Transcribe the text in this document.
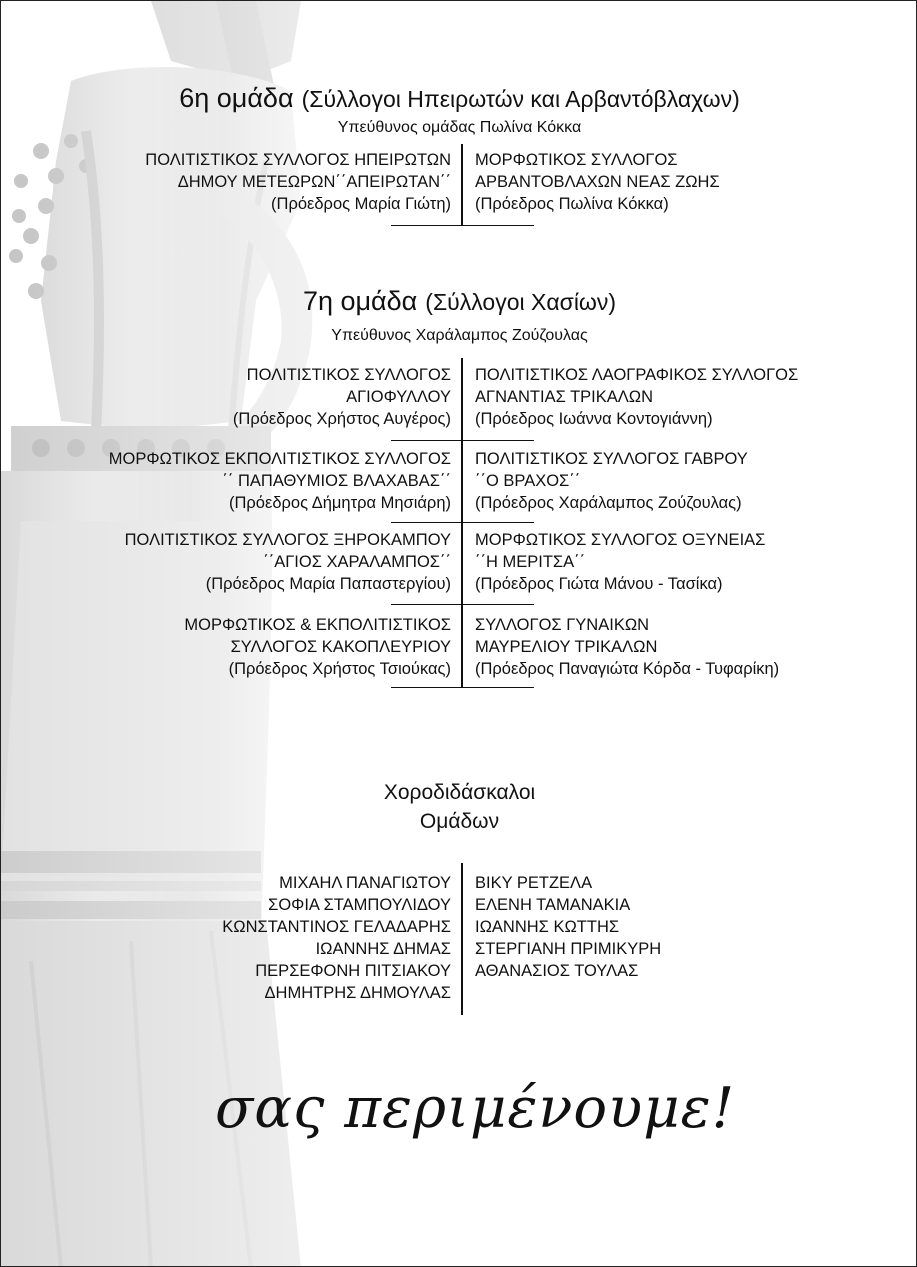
6η ομάδα (Σύλλογοι Ηπειρωτών και Αρβαντόβλαχων)
Υπεύθυνος ομάδας Πωλίνα Κόκκα
ΠΟΛΙΤΙΣΤΙΚΟΣ ΣΥΛΛΟΓΟΣ ΗΠΕΙΡΩΤΩΝ
ΔΗΜΟΥ ΜΕΤΕΩΡΩΝ΄΄ΑΠΕΙΡΩΤΑΝ΄΄
(Πρόεδρος Μαρία Γιώτη)
ΜΟΡΦΩΤΙΚΟΣ ΣΥΛΛΟΓΟΣ
ΑΡΒΑΝΤΟΒΛΑΧΩΝ ΝΕΑΣ ΖΩΗΣ
(Πρόεδρος Πωλίνα Κόκκα)
7η ομάδα (Σύλλογοι Χασίων)
Υπεύθυνος Χαράλαμπος Ζούζουλας
ΠΟΛΙΤΙΣΤΙΚΟΣ ΣΥΛΛΟΓΟΣ
ΑΓΙΟΦΥΛΛΟΥ
(Πρόεδρος Χρήστος Αυγέρος)
ΠΟΛΙΤΙΣΤΙΚΟΣ ΛΑΟΓΡΑΦΙΚΟΣ ΣΥΛΛΟΓΟΣ
ΑΓΝΑΝΤΙΑΣ ΤΡΙΚΑΛΩΝ
(Πρόεδρος Ιωάννα Κοντογιάννη)
ΜΟΡΦΩΤΙΚΟΣ ΕΚΠΟΛΙΤΙΣΤΙΚΟΣ ΣΥΛΛΟΓΟΣ
΄΄ ΠΑΠΑΘΥΜΙΟΣ ΒΛΑΧΑΒΑΣ΄΄
(Πρόεδρος Δήμητρα Μησιάρη)
ΠΟΛΙΤΙΣΤΙΚΟΣ ΣΥΛΛΟΓΟΣ ΓΑΒΡΟΥ
΄΄Ο ΒΡΑΧΟΣ΄΄
(Πρόεδρος Χαράλαμπος Ζούζουλας)
ΠΟΛΙΤΙΣΤΙΚΟΣ ΣΥΛΛΟΓΟΣ ΞΗΡΟΚΑΜΠΟΥ
΄΄ΑΓΙΟΣ ΧΑΡΑΛΑΜΠΟΣ΄΄
(Πρόεδρος Μαρία Παπαστεργίου)
ΜΟΡΦΩΤΙΚΟΣ ΣΥΛΛΟΓΟΣ ΟΞΥΝΕΙΑΣ
΄΄Η ΜΕΡΙΤΣΑ΄΄
(Πρόεδρος Γιώτα Μάνου - Τασίκα)
ΜΟΡΦΩΤΙΚΟΣ & ΕΚΠΟΛΙΤΙΣΤΙΚΟΣ
ΣΥΛΛΟΓΟΣ ΚΑΚΟΠΛΕΥΡΙΟΥ
(Πρόεδρος Χρήστος Τσιούκας)
ΣΥΛΛΟΓΟΣ ΓΥΝΑΙΚΩΝ
ΜΑΥΡΕΛΙΟΥ ΤΡΙΚΑΛΩΝ
(Πρόεδρος Παναγιώτα Κόρδα - Τυφαρίκη)
Χοροδιδάσκαλοι
Ομάδων
ΜΙΧΑΗΛ ΠΑΝΑΓΙΩΤΟΥ
ΣΟΦΙΑ ΣΤΑΜΠΟΥΛΙΔΟΥ
ΚΩΝΣΤΑΝΤΙΝΟΣ ΓΕΛΑΔΑΡΗΣ
ΙΩΑΝΝΗΣ ΔΗΜΑΣ
ΠΕΡΣΕΦΟΝΗ ΠΙΤΣΙΑΚΟΥ
ΔΗΜΗΤΡΗΣ ΔΗΜΟΥΛΑΣ
ΒΙΚΥ ΡΕΤΖΕΛΑ
ΕΛΕΝΗ ΤΑΜΑΝΑΚΙΑ
ΙΩΑΝΝΗΣ ΚΩΤΤΗΣ
ΣΤΕΡΓΙΑΝΗ ΠΡΙΜΙΚΥΡΗ
ΑΘΑΝΑΣΙΟΣ ΤΟΥΛΑΣ
σας περιμένουμε!
